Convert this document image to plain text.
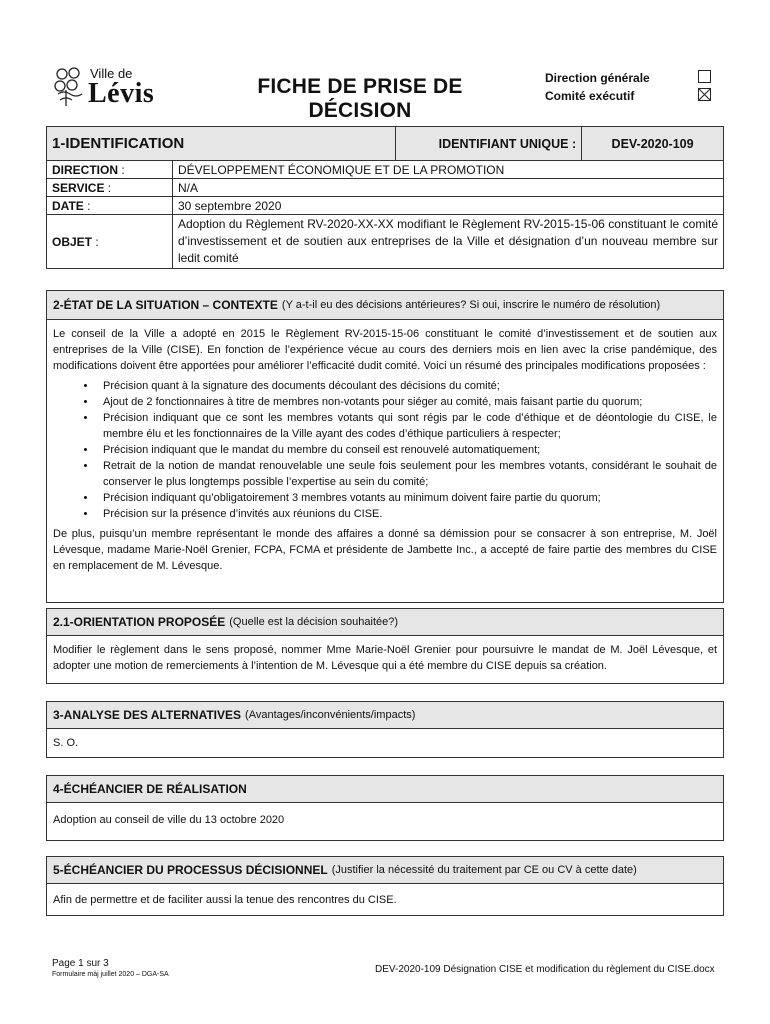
Ville de
Lévis	FICHE DE PRISE DE DÉCISION
Direction générale
Comité exécutif
1-IDENTIFICATION		IDENTIFIANT UNIQUE :	DEV-2020-109
DIRECTION :	DÉVELOPPEMENT ÉCONOMIQUE ET DE LA PROMOTION		
SERVICE :	N/A		
DATE :	30 septembre 2020		
OBJET :	Adoption du Règlement RV-2020-XX-XX modifiant le Règlement RV-2015-15-06 constituant le comité d’investissement et de soutien aux entreprises de la Ville et désignation d’un nouveau membre sur ledit comité		
2-ÉTAT DE LA SITUATION – CONTEXTE (Y a-t-il eu des décisions antérieures? Si oui, inscrire le numéro de résolution)
Le conseil de la Ville a adopté en 2015 le Règlement RV-2015-15-06 constituant le comité d’investissement et de soutien aux entreprises de la Ville (CISE). En fonction de l’expérience vécue au cours des derniers mois en lien avec la crise pandémique, des modifications doivent être apportées pour améliorer l’efficacité dudit comité. Voici un résumé des principales modifications proposées :
• Précision quant à la signature des documents découlant des décisions du comité;
• Ajout de 2 fonctionnaires à titre de membres non-votants pour siéger au comité, mais faisant partie du quorum;
• Précision indiquant que ce sont les membres votants qui sont régis par le code d’éthique et de déontologie du CISE, le membre élu et les fonctionnaires de la Ville ayant des codes d’éthique particuliers à respecter;
• Précision indiquant que le mandat du membre du conseil est renouvelé automatiquement;
• Retrait de la notion de mandat renouvelable une seule fois seulement pour les membres votants, considérant le souhait de conserver le plus longtemps possible l’expertise au sein du comité;
• Précision indiquant qu’obligatoirement 3 membres votants au minimum doivent faire partie du quorum;
• Précision sur la présence d’invités aux réunions du CISE.
De plus, puisqu’un membre représentant le monde des affaires a donné sa démission pour se consacrer à son entreprise, M. Joël Lévesque, madame Marie-Noël Grenier, FCPA, FCMA et présidente de Jambette Inc., a accepté de faire partie des membres du CISE en remplacement de M. Lévesque.
2.1-ORIENTATION PROPOSÉE (Quelle est la décision souhaitée?)
Modifier le règlement dans le sens proposé, nommer Mme Marie-Noël Grenier pour poursuivre le mandat de M. Joël Lévesque, et adopter une motion de remerciements à l’intention de M. Lévesque qui a été membre du CISE depuis sa création.
3-ANALYSE DES ALTERNATIVES (Avantages/inconvénients/impacts)
S. O.
4-ÉCHÉANCIER DE RÉALISATION
Adoption au conseil de ville du 13 octobre 2020
5-ÉCHÉANCIER DU PROCESSUS DÉCISIONNEL (Justifier la nécessité du traitement par CE ou CV à cette date)
Afin de permettre et de faciliter aussi la tenue des rencontres du CISE.
Page 1 sur 3
Formulaire màj juillet 2020 – DGA-SA	DEV-2020-109 Désignation CISE et modification du règlement du CISE.docx
